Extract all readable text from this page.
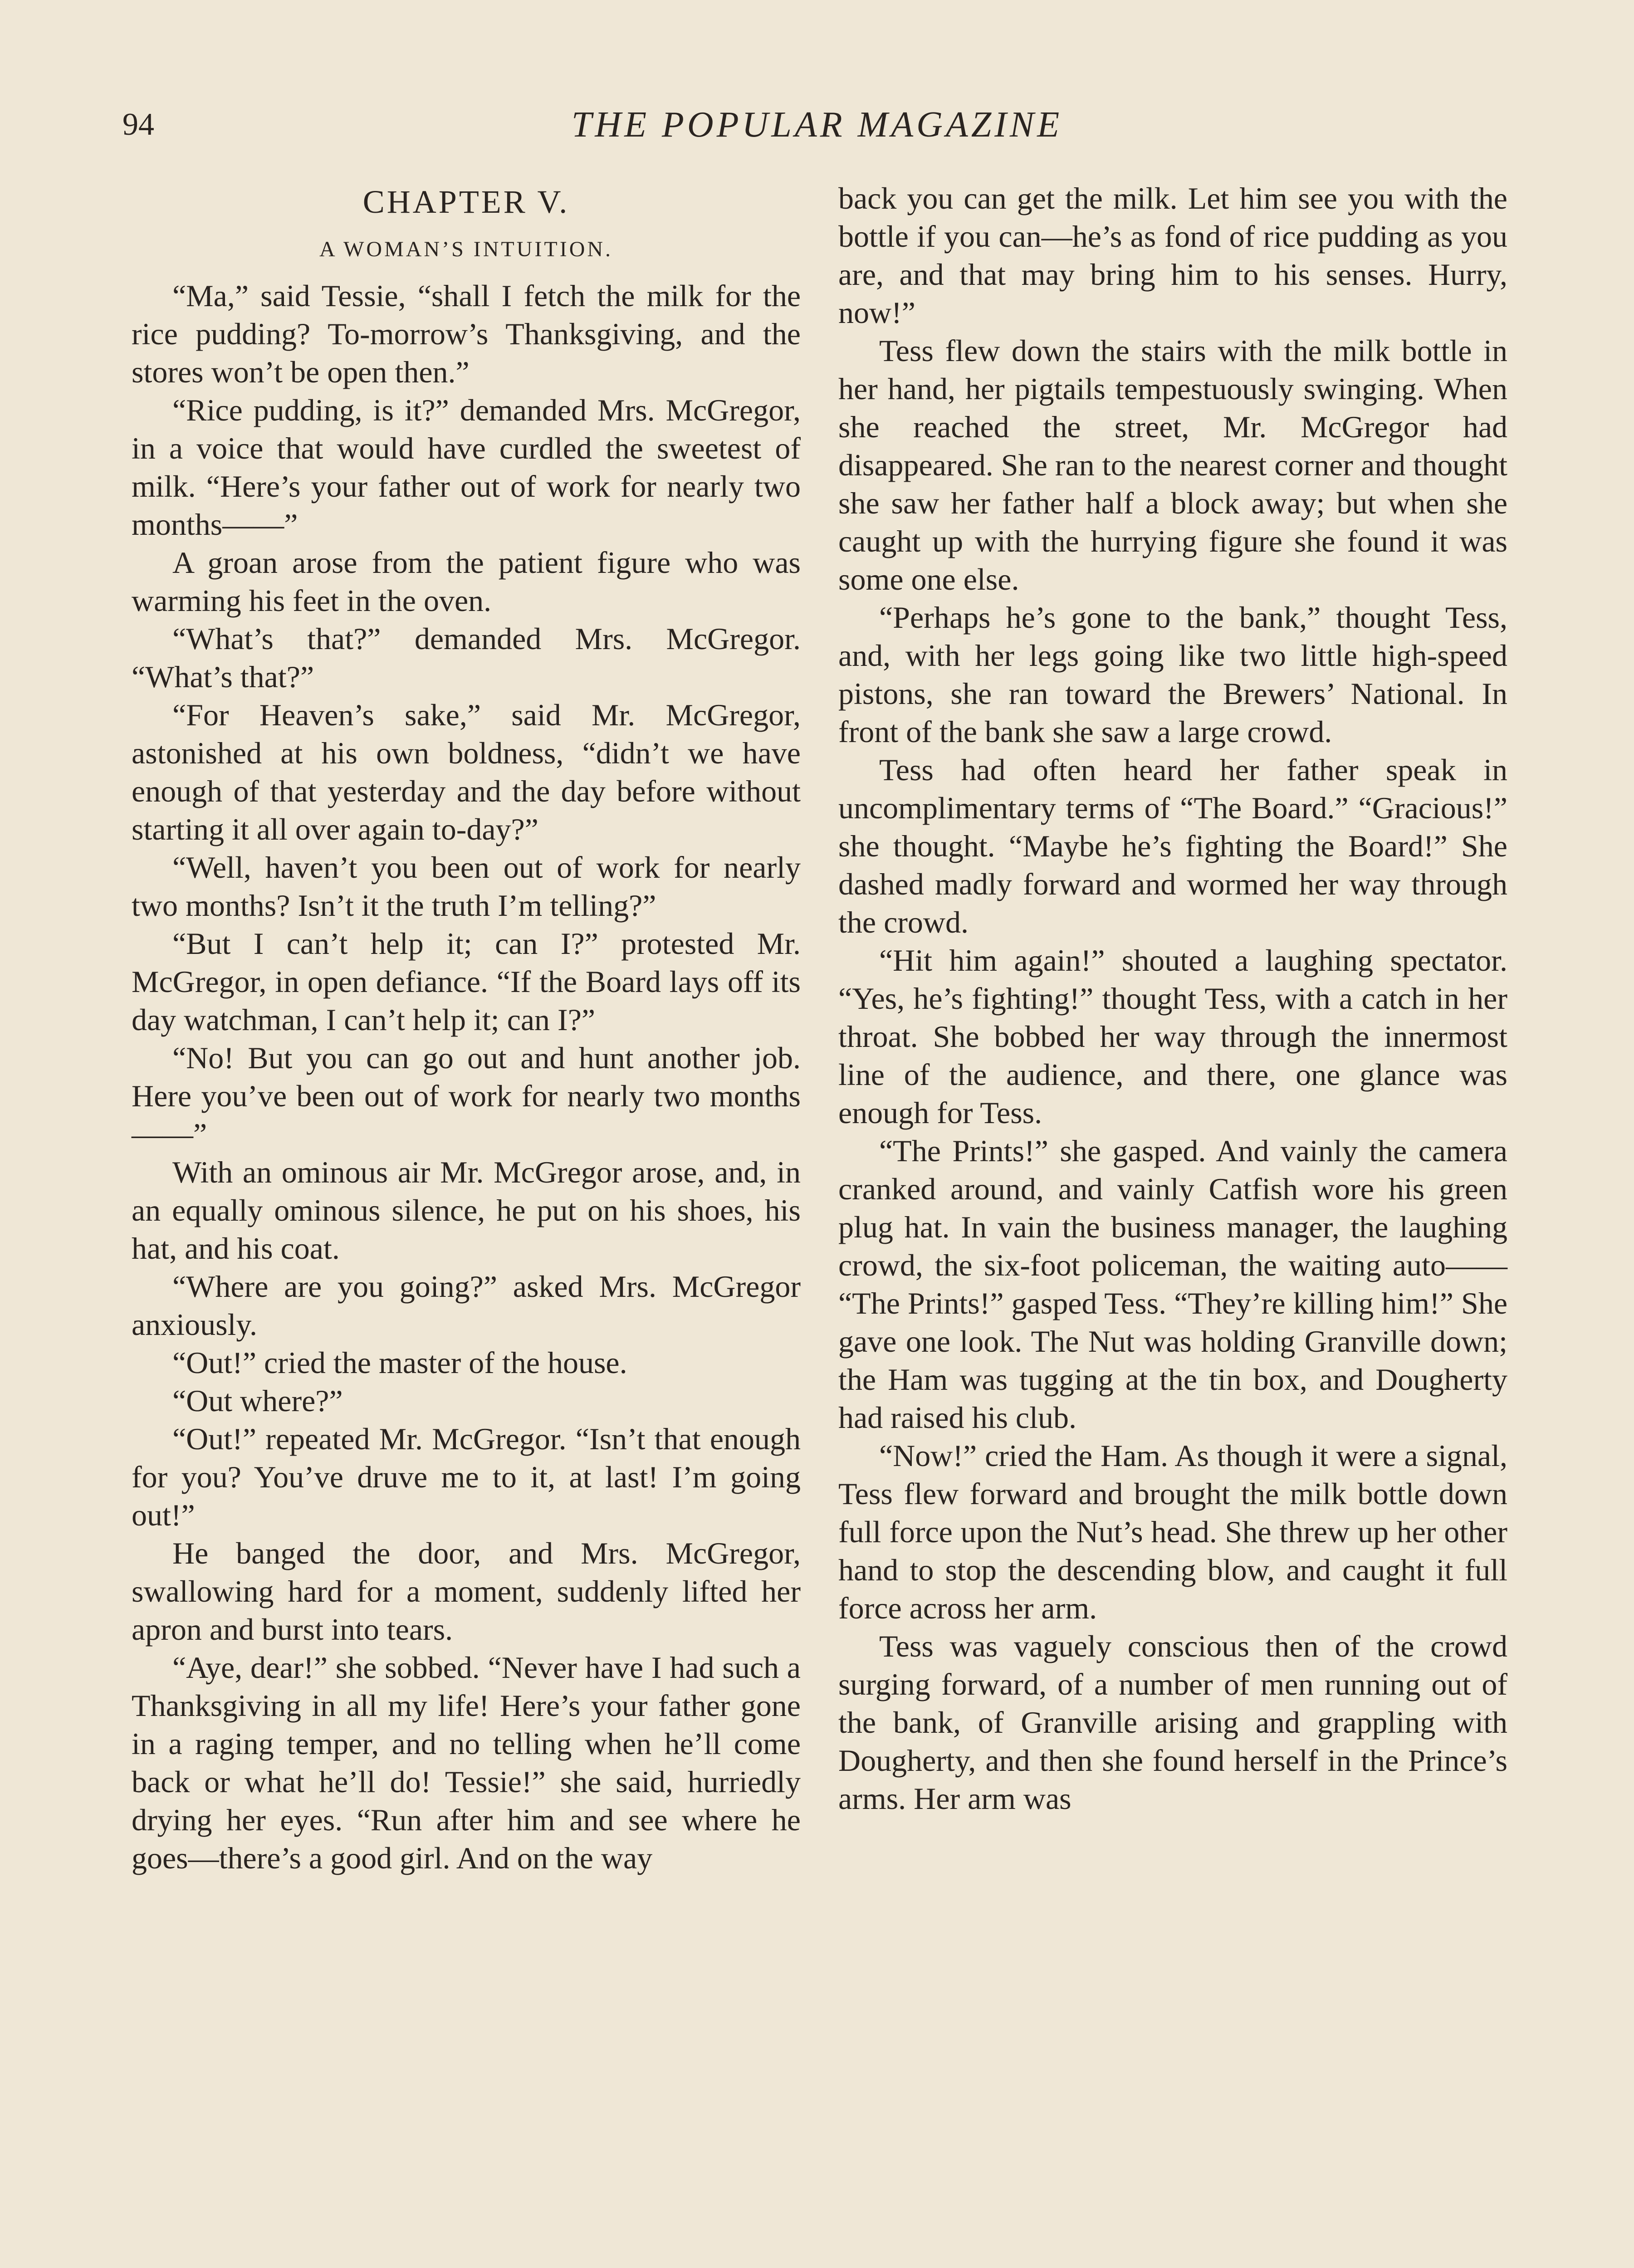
94	THE POPULAR MAGAZINE

CHAPTER V.

A WOMAN’S INTUITION.

“Ma,” said Tessie, “shall I fetch the milk for the rice pudding? To-morrow’s Thanksgiving, and the stores won’t be open then.”

“Rice pudding, is it?” demanded Mrs. McGregor, in a voice that would have curdled the sweetest of milk. “Here’s your father out of work for nearly two months——”

A groan arose from the patient figure who was warming his feet in the oven.

“What’s that?” demanded Mrs. McGregor. “What’s that?”

“For Heaven’s sake,” said Mr. McGregor, astonished at his own boldness, “didn’t we have enough of that yesterday and the day before without starting it all over again to-day?”

“Well, haven’t you been out of work for nearly two months? Isn’t it the truth I’m telling?”

“But I can’t help it; can I?” protested Mr. McGregor, in open defiance. “If the Board lays off its day watchman, I can’t help it; can I?”

“No! But you can go out and hunt another job. Here you’ve been out of work for nearly two months——”

With an ominous air Mr. McGregor arose, and, in an equally ominous silence, he put on his shoes, his hat, and his coat.

“Where are you going?” asked Mrs. McGregor anxiously.

“Out!” cried the master of the house.

“Out where?”

“Out!” repeated Mr. McGregor. “Isn’t that enough for you? You’ve druve me to it, at last! I’m going out!”

He banged the door, and Mrs. McGregor, swallowing hard for a moment, suddenly lifted her apron and burst into tears.

“Aye, dear!” she sobbed. “Never have I had such a Thanksgiving in all my life! Here’s your father gone in a raging temper, and no telling when he’ll come back or what he’ll do! Tessie!” she said, hurriedly drying her eyes. “Run after him and see where he goes—there’s a good girl. And on the way

back you can get the milk. Let him see you with the bottle if you can—he’s as fond of rice pudding as you are, and that may bring him to his senses. Hurry, now!”

Tess flew down the stairs with the milk bottle in her hand, her pigtails tempestuously swinging. When she reached the street, Mr. McGregor had disappeared. She ran to the nearest corner and thought she saw her father half a block away; but when she caught up with the hurrying figure she found it was some one else.

“Perhaps he’s gone to the bank,” thought Tess, and, with her legs going like two little high-speed pistons, she ran toward the Brewers’ National. In front of the bank she saw a large crowd.

Tess had often heard her father speak in uncomplimentary terms of “The Board.” “Gracious!” she thought. “Maybe he’s fighting the Board!” She dashed madly forward and wormed her way through the crowd.

“Hit him again!” shouted a laughing spectator. “Yes, he’s fighting!” thought Tess, with a catch in her throat. She bobbed her way through the innermost line of the audience, and there, one glance was enough for Tess.

“The Prints!” she gasped. And vainly the camera cranked around, and vainly Catfish wore his green plug hat. In vain the business manager, the laughing crowd, the six-foot policeman, the waiting auto—— “The Prints!” gasped Tess. “They’re killing him!” She gave one look. The Nut was holding Granville down; the Ham was tugging at the tin box, and Dougherty had raised his club.

“Now!” cried the Ham. As though it were a signal, Tess flew forward and brought the milk bottle down full force upon the Nut’s head. She threw up her other hand to stop the descending blow, and caught it full force across her arm.

Tess was vaguely conscious then of the crowd surging forward, of a number of men running out of the bank, of Granville arising and grappling with Dougherty, and then she found herself in the Prince’s arms. Her arm was
